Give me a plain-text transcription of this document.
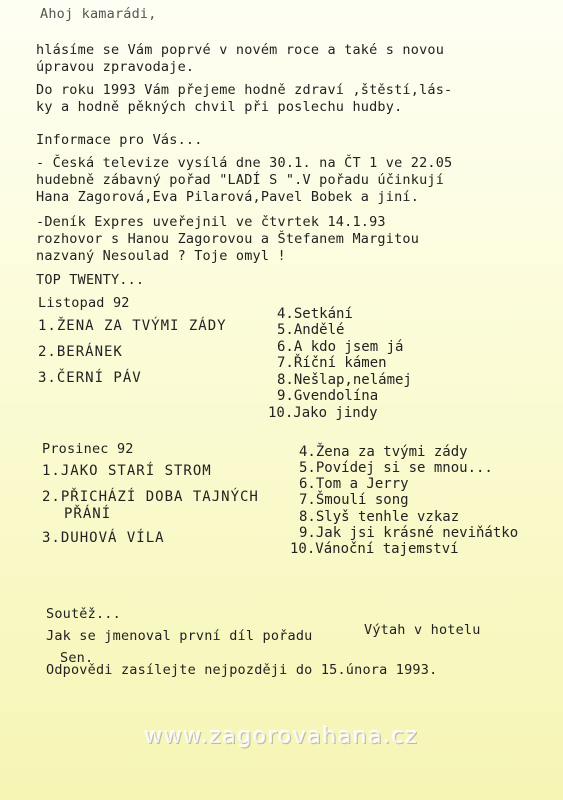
Ahoj kamarádi,
hlásíme se Vám poprvé v novém roce a také s novou
úpravou zpravodaje.
Do roku 1993 Vám přejeme hodně zdraví ,štěstí,lás-
ky a hodně pěkných chvil při poslechu hudby.
Informace pro Vás...
- Česká televize vysílá dne 30.1. na ČT 1 ve 22.05
hudebně zábavný pořad "LADÍ S ".V pořadu účinkují
Hana Zagorová,Eva Pilarová,Pavel Bobek a jiní.
-Deník Expres uveřejnil ve čtvrtek 14.1.93
rozhovor s Hanou Zagorovou a Štefanem Margitou
nazvaný Nesoulad ? Toje omyl !
TOP TWENTY...
Listopad 92
1.ŽENA ZA TVÝMI ZÁDY
2.BERÁNEK
3.ČERNÍ PÁV
4.Setkání
5.Andělé
6.A kdo jsem já
7.Říční kámen
8.Nešlap,nelámej
9.Gvendolína
10.Jako jindy
Prosinec 92
1.JAKO STARÍ STROM
2.PŘICHÁZÍ DOBA TAJNÝCH
PŘÁNÍ
3.DUHOVÁ VÍLA
4.Žena za tvými zády
5.Povídej si se mnou...
6.Tom a Jerry
7.Šmoulí song
8.Slyš tenhle vzkaz
9.Jak jsi krásné neviňátko
10.Vánoční tajemství
Soutěž...
Jak se jmenoval první díl pořadu	Výtah v hotelu
Sen.
Odpovědi zasílejte nejpozději do 15.února 1993.
www.zagorovahana.cz
